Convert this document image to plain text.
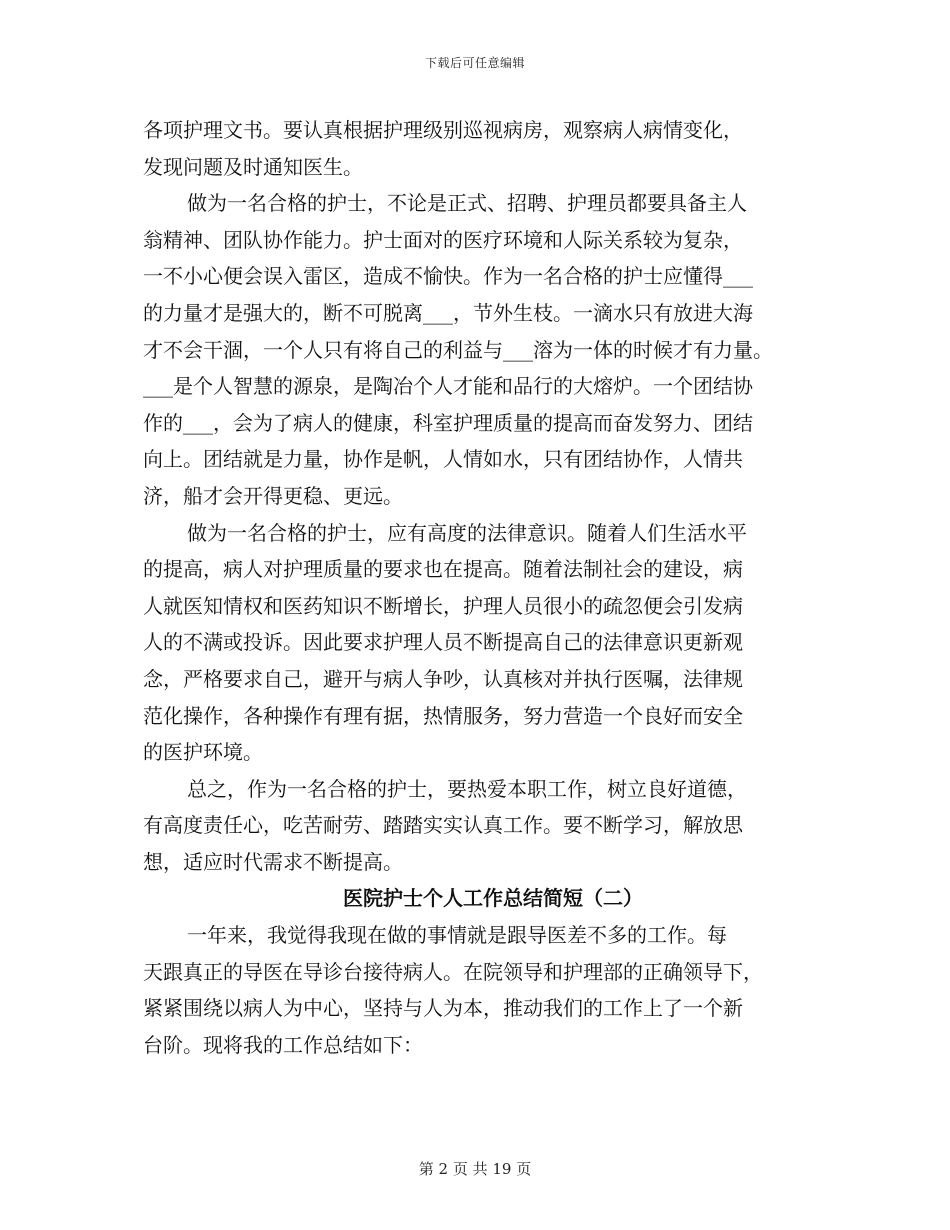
下载后可任意编辑
各项护理文书。要认真根据护理级别巡视病房，观察病人病情变化，
发现问题及时通知医生。
做为一名合格的护士，不论是正式、招聘、护理员都要具备主人
翁精神、团队协作能力。护士面对的医疗环境和人际关系较为复杂，
一不小心便会误入雷区，造成不愉快。作为一名合格的护士应懂得___
的力量才是强大的，断不可脱离___，节外生枝。一滴水只有放进大海
才不会干涸，一个人只有将自己的利益与___溶为一体的时候才有力量。
___是个人智慧的源泉，是陶冶个人才能和品行的大熔炉。一个团结协
作的___，会为了病人的健康，科室护理质量的提高而奋发努力、团结
向上。团结就是力量，协作是帆，人情如水，只有团结协作，人情共
济，船才会开得更稳、更远。
做为一名合格的护士，应有高度的法律意识。随着人们生活水平
的提高，病人对护理质量的要求也在提高。随着法制社会的建设，病
人就医知情权和医药知识不断增长，护理人员很小的疏忽便会引发病
人的不满或投诉。因此要求护理人员不断提高自己的法律意识更新观
念，严格要求自己，避开与病人争吵，认真核对并执行医嘱，法律规
范化操作，各种操作有理有据，热情服务，努力营造一个良好而安全
的医护环境。
总之，作为一名合格的护士，要热爱本职工作，树立良好道德，
有高度责任心，吃苦耐劳、踏踏实实认真工作。要不断学习，解放思
想，适应时代需求不断提高。
医院护士个人工作总结简短（二）
一年来，我觉得我现在做的事情就是跟导医差不多的工作。每
天跟真正的导医在导诊台接待病人。在院领导和护理部的正确领导下，
紧紧围绕以病人为中心，坚持与人为本，推动我们的工作上了一个新
台阶。现将我的工作总结如下：
第 2 页 共 19 页
